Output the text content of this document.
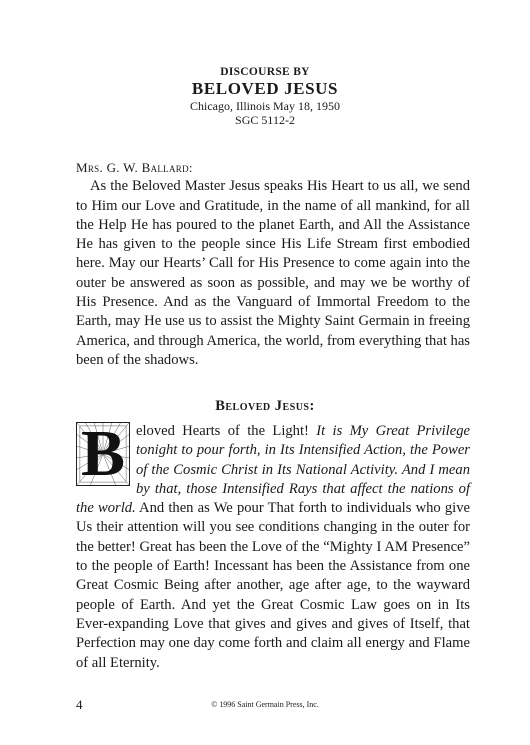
DISCOURSE BY
BELOVED JESUS
Chicago, Illinois May 18, 1950
SGC 5112-2
Mrs. G. W. Ballard:

As the Beloved Master Jesus speaks His Heart to us all, we send to Him our Love and Gratitude, in the name of all mankind, for all the Help He has poured to the planet Earth, and All the Assistance He has given to the people since His Life Stream first embodied here. May our Hearts’ Call for His Presence to come again into the outer be answered as soon as possible, and may we be worthy of His Presence. And as the Vanguard of Immortal Freedom to the Earth, may He use us to assist the Mighty Saint Germain in freeing America, and through America, the world, from everything that has been of the shadows.

Beloved Jesus:
B eloved Hearts of the Light! It is My Great Privilege tonight to pour forth, in Its Intensified Action, the Power of the Cosmic Christ in Its National Activity. And I mean by that, those Intensified Rays that affect the nations of the world. And then as We pour That forth to individuals who give Us their attention will you see conditions changing in the outer for the better! Great has been the Love of the “Mighty I AM Presence” to the people of Earth! Incessant has been the Assistance from one Great Cosmic Being after another, age after age, to the wayward people of Earth. And yet the Great Cosmic Law goes on in Its Ever-expanding Love that gives and gives and gives of Itself, that Perfection may one day come forth and claim all energy and Flame of all Eternity.

4	© 1996 Saint Germain Press, Inc.
